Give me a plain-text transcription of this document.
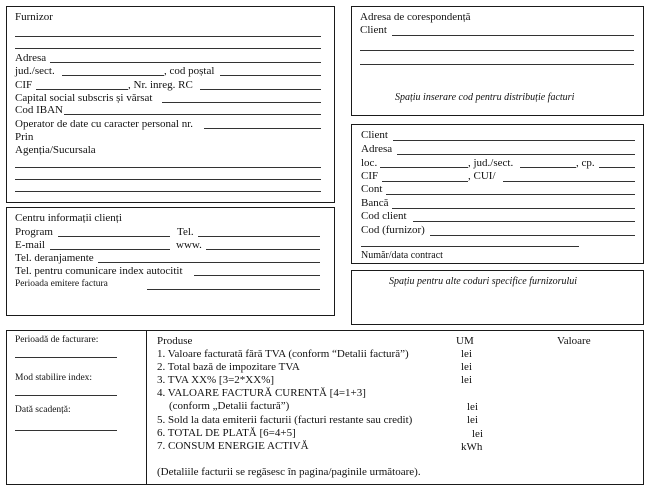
Furnizor
Adresa
jud./sect.	, cod poștal
CIF	, Nr. inreg. RC
Capital social subscris și vărsat
Cod IBAN
Operator de date cu caracter personal nr.
Prin
Agenția/Sucursala
Adresa de corespondență
Client
Spațiu inserare cod pentru distribuție facturi
Client
Adresa
loc.	, jud./sect.	, cp.
CIF	, CUI/
Cont
Bancă
Cod client
Cod (furnizor)
Număr/data contract
Centru informații clienți
Program	Tel.
E-mail	www.
Tel. deranjamente
Tel. pentru comunicare index autocitit
Perioada emitere factura	Spațiu pentru alte coduri specifice furnizorului
Perioadă de facturare:
Mod stabilire index:
Dată scadență:
Produse	UM	Valoare
1. Valoare facturată fără TVA (conform “Detalii factură”)	lei
2. Total bază de impozitare TVA	lei
3. TVA XX% [3=2*XX%]	lei
4. VALOARE FACTURĂ CURENTĂ [4=1+3]
(conform „Detalii factură”)	lei
5. Sold la data emiterii facturii (facturi restante sau credit)	lei
6. TOTAL DE PLATĂ [6=4+5]	lei
7. CONSUM ENERGIE ACTIVĂ	kWh
(Detaliile facturii se regăsesc în pagina/paginile următoare).
